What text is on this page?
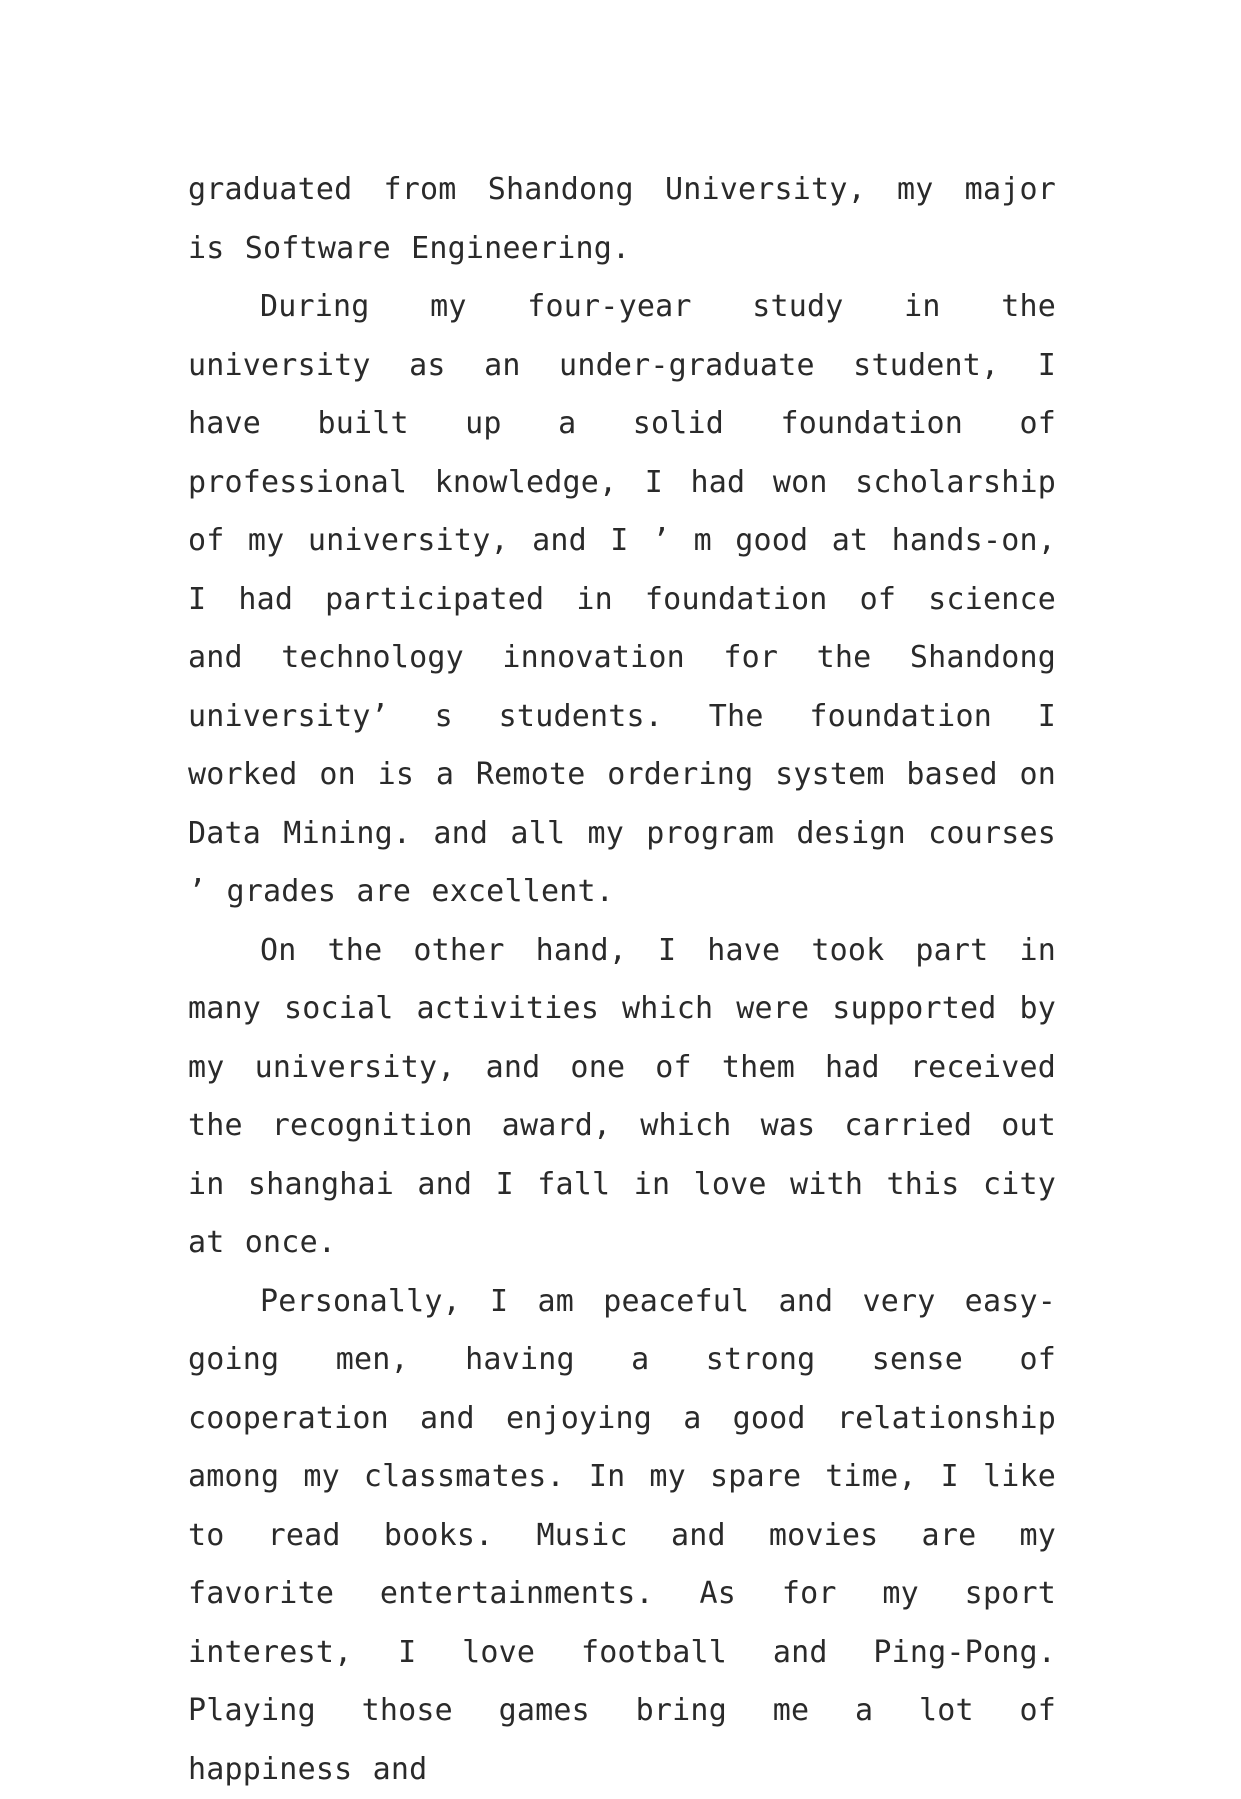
graduated from Shandong University, my major is Software Engineering.

During my four-year study in the university as an under-graduate student, I have built up a solid foundation of professional knowledge, I had won scholarship of my university, and I ’ m good at hands-on, I had participated in foundation of science and technology innovation for the Shandong university’ s students. The foundation I worked on is a Remote ordering system based on Data Mining. and all my program design courses ’ grades are excellent.

On the other hand, I have took part in many social activities which were supported by my university, and one of them had received the recognition award, which was carried out in shanghai and I fall in love with this city at once.

Personally, I am peaceful and very easy-going men, having a strong sense of cooperation and enjoying a good relationship among my classmates. In my spare time, I like to read books. Music and movies are my favorite entertainments. As for my sport interest, I love football and Ping-Pong. Playing those games bring me a lot of happiness and
